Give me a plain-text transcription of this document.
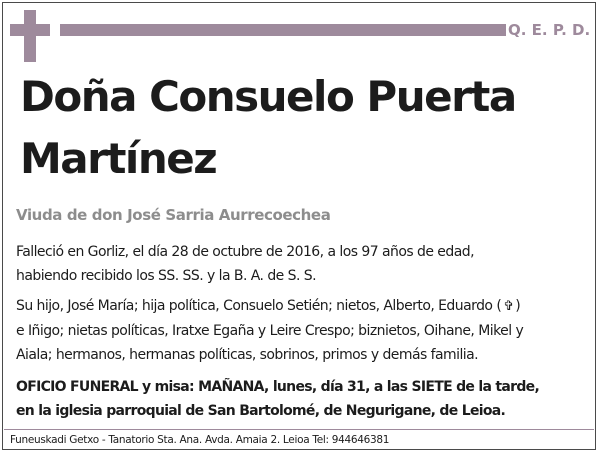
Q. E. P. D.
Doña Consuelo Puerta
Martínez
Viuda de don José Sarria Aurrecoechea

Falleció en Gorliz, el día 28 de octubre de 2016, a los 97 años de edad,
habiendo recibido los SS. SS. y la B. A. de S. S.

Su hijo, José María; hija política, Consuelo Setién; nietos, Alberto, Eduardo ( ✞ )
e Iñigo; nietas políticas, Iratxe Egaña y Leire Crespo; biznietos, Oihane, Mikel y
Aiala; hermanos, hermanas políticas, sobrinos, primos y demás familia.

OFICIO FUNERAL y misa: MAÑANA, lunes, día 31, a las SIETE de la tarde,
en la iglesia parroquial de San Bartolomé, de Negurigane, de Leioa.

Funeuskadi Getxo - Tanatorio Sta. Ana. Avda. Amaia 2. Leioa Tel: 944646381
